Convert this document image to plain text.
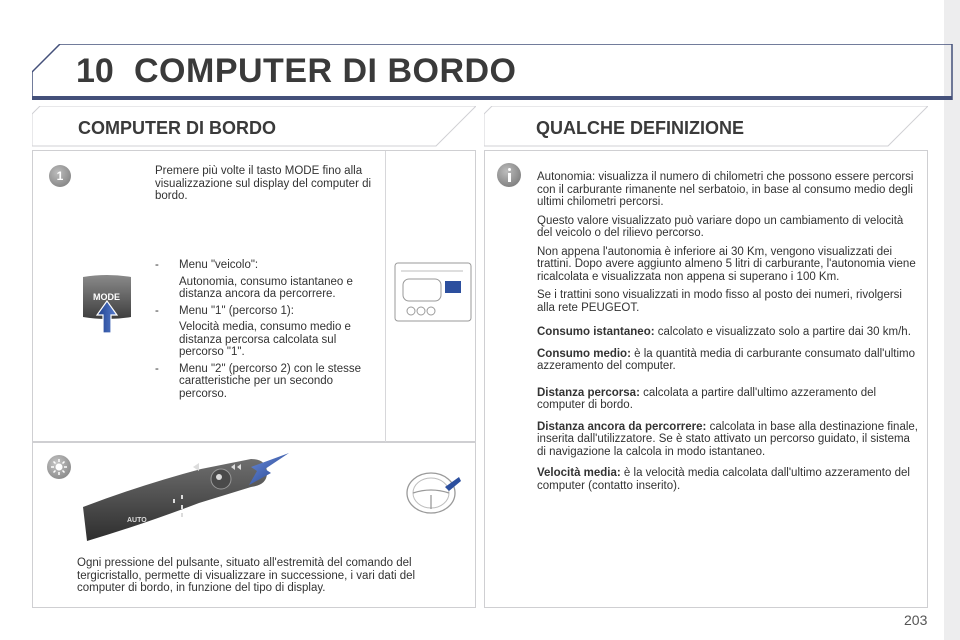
10 COMPUTER DI BORDO
COMPUTER DI BORDO	QUALCHE DEFINIZIONE
1	Premere più volte il tasto MODE fino alla visualizzazione sul display del computer di bordo.
- Menu "veicolo":
Autonomia, consumo istantaneo e distanza ancora da percorrere.
- Menu "1" (percorso 1):
Velocità media, consumo medio e distanza percorsa calcolata sul percorso "1".
- Menu "2" (percorso 2) con le stesse caratteristiche per un secondo percorso.
MODE
AUTO
Ogni pressione del pulsante, situato all'estremità del comando del tergicristallo, permette di visualizzare in successione, i vari dati del computer di bordo, in funzione del tipo di display.

Autonomia: visualizza il numero di chilometri che possono essere percorsi con il carburante rimanente nel serbatoio, in base al consumo medio degli ultimi chilometri percorsi.

Questo valore visualizzato può variare dopo un cambiamento di velocità del veicolo o del rilievo percorso.

Non appena l'autonomia è inferiore ai 30 Km, vengono visualizzati dei trattini. Dopo avere aggiunto almeno 5 litri di carburante, l'autonomia viene ricalcolata e visualizzata non appena si superano i 100 Km.

Se i trattini sono visualizzati in modo fisso al posto dei numeri, rivolgersi alla rete PEUGEOT.

Consumo istantaneo: calcolato e visualizzato solo a partire dai 30 km/h.
Consumo medio: è la quantità media di carburante consumato dall'ultimo azzeramento del computer.
Distanza percorsa: calcolata a partire dall'ultimo azzeramento del computer di bordo.
Distanza ancora da percorrere: calcolata in base alla destinazione finale, inserita dall'utilizzatore. Se è stato attivato un percorso guidato, il sistema di navigazione la calcola in modo istantaneo.
Velocità media: è la velocità media calcolata dall'ultimo azzeramento del computer (contatto inserito).
203
